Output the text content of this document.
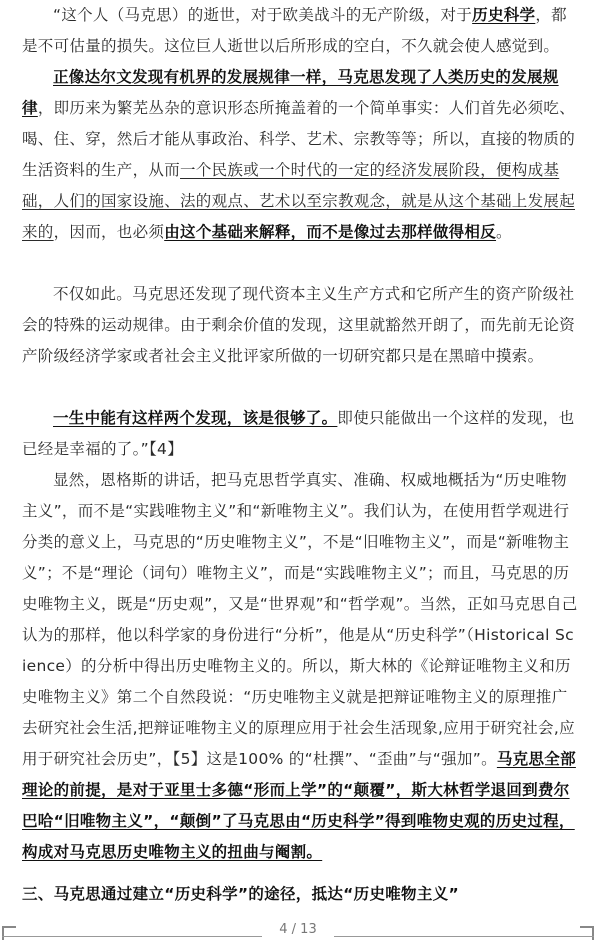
“这个人（马克思）的逝世，对于欧美战斗的无产阶级，对于历史科学，都是不可估量的损失。这位巨人逝世以后所形成的空白，不久就会使人感觉到。

正像达尔文发现有机界的发展规律一样，马克思发现了人类历史的发展规律，即历来为繁芜丛杂的意识形态所掩盖着的一个简单事实：人们首先必须吃、喝、住、穿，然后才能从事政治、科学、艺术、宗教等等；所以，直接的物质的生活资料的生产，从而一个民族或一个时代的一定的经济发展阶段，便构成基础，人们的国家设施、法的观点、艺术以至宗教观念，就是从这个基础上发展起来的，因而，也必须由这个基础来解释，而不是像过去那样做得相反。

不仅如此。马克思还发现了现代资本主义生产方式和它所产生的资产阶级社会的特殊的运动规律。由于剩余价值的发现，这里就豁然开朗了，而先前无论资产阶级经济学家或者社会主义批评家所做的一切研究都只是在黑暗中摸索。

一生中能有这样两个发现，该是很够了。即使只能做出一个这样的发现，也已经是幸福的了。”【4】

显然，恩格斯的讲话，把马克思哲学真实、准确、权威地概括为“历史唯物主义”，而不是“实践唯物主义”和“新唯物主义”。我们认为，在使用哲学观进行分类的意义上，马克思的“历史唯物主义”，不是“旧唯物主义”，而是“新唯物主义”；不是“理论（词句）唯物主义”，而是“实践唯物主义”；而且，马克思的历史唯物主义，既是“历史观”，又是“世界观”和“哲学观”。当然，正如马克思自己认为的那样，他以科学家的身份进行“分析”，他是从“历史科学”（Historical Science）的分析中得出历史唯物主义的。所以，斯大林的《论辩证唯物主义和历史唯物主义》第二个自然段说：“历史唯物主义就是把辩证唯物主义的原理推广去研究社会生活,把辩证唯物主义的原理应用于社会生活现象,应用于研究社会,应用于研究社会历史”，【5】这是100% 的“杜撰”、“歪曲”与“强加”。马克思全部理论的前提，是对于亚里士多德“形而上学”的“颠覆”，斯大林哲学退回到费尔巴哈“旧唯物主义”，“颠倒”了马克思由“历史科学”得到唯物史观的历史过程，构成对马克思历史唯物主义的扭曲与阉割。

三、马克思通过建立“历史科学”的途径，抵达“历史唯物主义”
4 / 13
